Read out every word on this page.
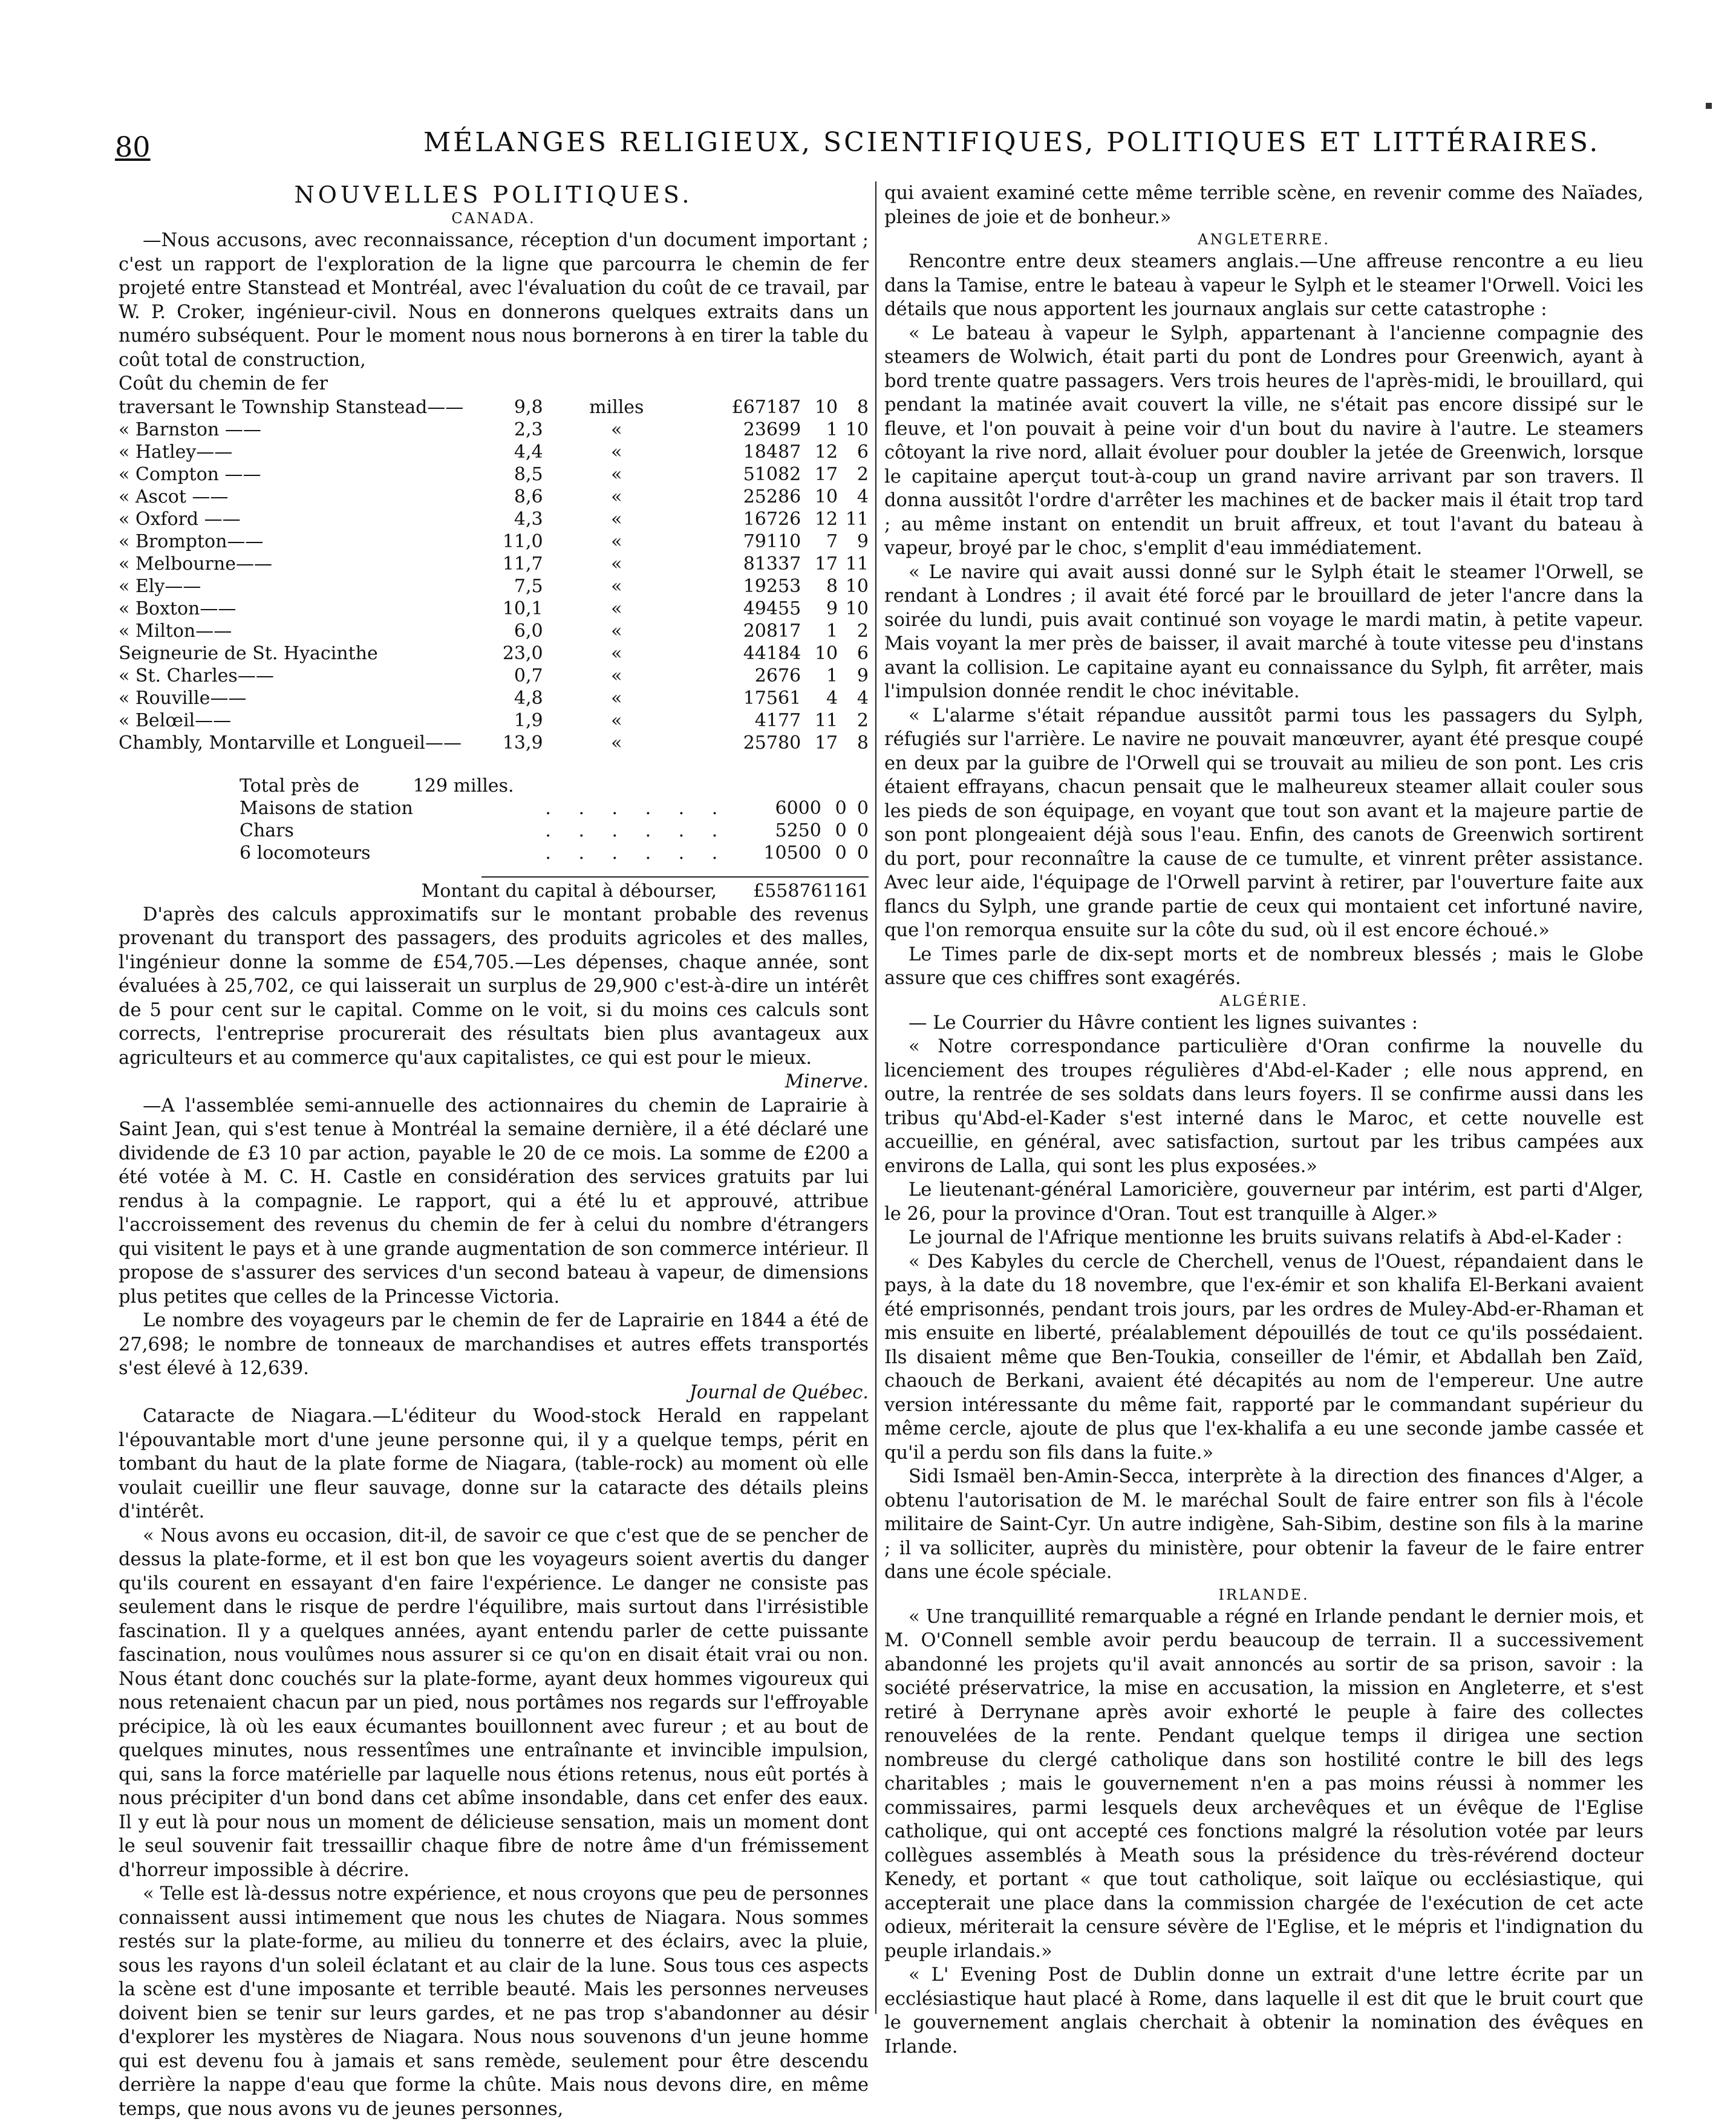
80	MÉLANGES RELIGIEUX, SCIENTIFIQUES, POLITIQUES ET LITTÉRAIRES.

NOUVELLES POLITIQUES.

CANADA.

—Nous accusons, avec reconnaissance, réception d'un document important ; c'est un rapport de l'exploration de la ligne que parcourra le chemin de fer projeté entre Stanstead et Montréal, avec l'évaluation du coût de ce travail, par W. P. Croker, ingénieur-civil. Nous en donnerons quelques extraits dans un numéro subséquent. Pour le moment nous nous bornerons à en tirer la table du coût total de construction,

Coût du chemin de fer

traversant le Township Stanstead——	9,8	milles	£67187	10	8
« Barnston ——	2,3	«	23699	1	10
« Hatley——	4,4	«	18487	12	6
« Compton ——	8,5	«	51082	17	2
« Ascot ——	8,6	«	25286	10	4
« Oxford ——	4,3	«	16726	12	11
« Brompton——	11,0	«	79110	7	9
« Melbourne——	11,7	«	81337	17	11
« Ely——	7,5	«	19253	8	10
« Boxton——	10,1	«	49455	9	10
« Milton——	6,0	«	20817	1	2
Seigneurie de St. Hyacinthe	23,0	«	44184	10	6
« St. Charles——	0,7	«	2676	1	9
« Rouville——	4,8	«	17561	4	4
« Belœil——	1,9	«	4177	11	2
Chambly, Montarville et Longueil——	13,9	«	25780	17	8
Total près de	129 milles.				
Maisons de station		. . . . . .	6000	0	0
Chars		. . . . . .	5250	0	0
6 locomoteurs		. . . . . .	10500	0	0
Montant du capital à débourser, £558761 16 1

D'après des calculs approximatifs sur le montant probable des revenus provenant du transport des passagers, des produits agricoles et des malles, l'ingénieur donne la somme de £54,705.—Les dépenses, chaque année, sont évaluées à 25,702, ce qui laisserait un surplus de 29,900 c'est-à-dire un intérêt de 5 pour cent sur le capital. Comme on le voit, si du moins ces calculs sont corrects, l'entreprise procurerait des résultats bien plus avantageux aux agriculteurs et au commerce qu'aux capitalistes, ce qui est pour le mieux.

Minerve.

—A l'assemblée semi-annuelle des actionnaires du chemin de Laprairie à Saint Jean, qui s'est tenue à Montréal la semaine dernière, il a été déclaré une dividende de £3 10 par action, payable le 20 de ce mois. La somme de £200 a été votée à M. C. H. Castle en considération des services gratuits par lui rendus à la compagnie. Le rapport, qui a été lu et approuvé, attribue l'accroissement des revenus du chemin de fer à celui du nombre d'étrangers qui visitent le pays et à une grande augmentation de son commerce intérieur. Il propose de s'assurer des services d'un second bateau à vapeur, de dimensions plus petites que celles de la Princesse Victoria.

Le nombre des voyageurs par le chemin de fer de Laprairie en 1844 a été de 27,698; le nombre de tonneaux de marchandises et autres effets transportés s'est élevé à 12,639.

Journal de Québec.

Cataracte de Niagara.—L'éditeur du Wood-stock Herald en rappelant l'épouvantable mort d'une jeune personne qui, il y a quelque temps, périt en tombant du haut de la plate forme de Niagara, (table-rock) au moment où elle voulait cueillir une fleur sauvage, donne sur la cataracte des détails pleins d'intérêt.

« Nous avons eu occasion, dit-il, de savoir ce que c'est que de se pencher de dessus la plate-forme, et il est bon que les voyageurs soient avertis du danger qu'ils courent en essayant d'en faire l'expérience. Le danger ne consiste pas seulement dans le risque de perdre l'équilibre, mais surtout dans l'irrésistible fascination. Il y a quelques années, ayant entendu parler de cette puissante fascination, nous voulûmes nous assurer si ce qu'on en disait était vrai ou non. Nous étant donc couchés sur la plate-forme, ayant deux hommes vigoureux qui nous retenaient chacun par un pied, nous portâmes nos regards sur l'effroyable précipice, là où les eaux écumantes bouillonnent avec fureur ; et au bout de quelques minutes, nous ressentîmes une entraînante et invincible impulsion, qui, sans la force matérielle par laquelle nous étions retenus, nous eût portés à nous précipiter d'un bond dans cet abîme insondable, dans cet enfer des eaux. Il y eut là pour nous un moment de délicieuse sensation, mais un moment dont le seul souvenir fait tressaillir chaque fibre de notre âme d'un frémissement d'horreur impossible à décrire.

« Telle est là-dessus notre expérience, et nous croyons que peu de personnes connaissent aussi intimement que nous les chutes de Niagara. Nous sommes restés sur la plate-forme, au milieu du tonnerre et des éclairs, avec la pluie, sous les rayons d'un soleil éclatant et au clair de la lune. Sous tous ces aspects la scène est d'une imposante et terrible beauté. Mais les personnes nerveuses doivent bien se tenir sur leurs gardes, et ne pas trop s'abandonner au désir d'explorer les mystères de Niagara. Nous nous souvenons d'un jeune homme qui est devenu fou à jamais et sans remède, seulement pour être descendu derrière la nappe d'eau que forme la chûte. Mais nous devons dire, en même temps, que nous avons vu de jeunes personnes,

qui avaient examiné cette même terrible scène, en revenir comme des Naïades, pleines de joie et de bonheur.»

ANGLETERRE.

Rencontre entre deux steamers anglais.—Une affreuse rencontre a eu lieu dans la Tamise, entre le bateau à vapeur le Sylph et le steamer l'Orwell. Voici les détails que nous apportent les journaux anglais sur cette catastrophe :

« Le bateau à vapeur le Sylph, appartenant à l'ancienne compagnie des steamers de Wolwich, était parti du pont de Londres pour Greenwich, ayant à bord trente quatre passagers. Vers trois heures de l'après-midi, le brouillard, qui pendant la matinée avait couvert la ville, ne s'était pas encore dissipé sur le fleuve, et l'on pouvait à peine voir d'un bout du navire à l'autre. Le steamers côtoyant la rive nord, allait évoluer pour doubler la jetée de Greenwich, lorsque le capitaine aperçut tout-à-coup un grand navire arrivant par son travers. Il donna aussitôt l'ordre d'arrêter les machines et de backer mais il était trop tard ; au même instant on entendit un bruit affreux, et tout l'avant du bateau à vapeur, broyé par le choc, s'emplit d'eau immédiatement.

« Le navire qui avait aussi donné sur le Sylph était le steamer l'Orwell, se rendant à Londres ; il avait été forcé par le brouillard de jeter l'ancre dans la soirée du lundi, puis avait continué son voyage le mardi matin, à petite vapeur. Mais voyant la mer près de baisser, il avait marché à toute vitesse peu d'instans avant la collision. Le capitaine ayant eu connaissance du Sylph, fit arrêter, mais l'impulsion donnée rendit le choc inévitable.

« L'alarme s'était répandue aussitôt parmi tous les passagers du Sylph, réfugiés sur l'arrière. Le navire ne pouvait manœuvrer, ayant été presque coupé en deux par la guibre de l'Orwell qui se trouvait au milieu de son pont. Les cris étaient effrayans, chacun pensait que le malheureux steamer allait couler sous les pieds de son équipage, en voyant que tout son avant et la majeure partie de son pont plongeaient déjà sous l'eau. Enfin, des canots de Greenwich sortirent du port, pour reconnaître la cause de ce tumulte, et vinrent prêter assistance. Avec leur aide, l'équipage de l'Orwell parvint à retirer, par l'ouverture faite aux flancs du Sylph, une grande partie de ceux qui montaient cet infortuné navire, que l'on remorqua ensuite sur la côte du sud, où il est encore échoué.»

Le Times parle de dix-sept morts et de nombreux blessés ; mais le Globe assure que ces chiffres sont exagérés.

ALGÉRIE.

— Le Courrier du Hâvre contient les lignes suivantes :

« Notre correspondance particulière d'Oran confirme la nouvelle du licenciement des troupes régulières d'Abd-el-Kader ; elle nous apprend, en outre, la rentrée de ses soldats dans leurs foyers. Il se confirme aussi dans les tribus qu'Abd-el-Kader s'est interné dans le Maroc, et cette nouvelle est accueillie, en général, avec satisfaction, surtout par les tribus campées aux environs de Lalla, qui sont les plus exposées.»

Le lieutenant-général Lamoricière, gouverneur par intérim, est parti d'Alger, le 26, pour la province d'Oran. Tout est tranquille à Alger.»

Le journal de l'Afrique mentionne les bruits suivans relatifs à Abd-el-Kader :

« Des Kabyles du cercle de Cherchell, venus de l'Ouest, répandaient dans le pays, à la date du 18 novembre, que l'ex-émir et son khalifa El-Berkani avaient été emprisonnés, pendant trois jours, par les ordres de Muley-Abd-er-Rhaman et mis ensuite en liberté, préalablement dépouillés de tout ce qu'ils possédaient. Ils disaient même que Ben-Toukia, conseiller de l'émir, et Abdallah ben Zaïd, chaouch de Berkani, avaient été décapités au nom de l'empereur. Une autre version intéressante du même fait, rapporté par le commandant supérieur du même cercle, ajoute de plus que l'ex-khalifa a eu une seconde jambe cassée et qu'il a perdu son fils dans la fuite.»

Sidi Ismaël ben-Amin-Secca, interprète à la direction des finances d'Alger, a obtenu l'autorisation de M. le maréchal Soult de faire entrer son fils à l'école militaire de Saint-Cyr. Un autre indigène, Sah-Sibim, destine son fils à la marine ; il va solliciter, auprès du ministère, pour obtenir la faveur de le faire entrer dans une école spéciale.

IRLANDE.

« Une tranquillité remarquable a régné en Irlande pendant le dernier mois, et M. O'Connell semble avoir perdu beaucoup de terrain. Il a successivement abandonné les projets qu'il avait annoncés au sortir de sa prison, savoir : la société préservatrice, la mise en accusation, la mission en Angleterre, et s'est retiré à Derrynane après avoir exhorté le peuple à faire des collectes renouvelées de la rente. Pendant quelque temps il dirigea une section nombreuse du clergé catholique dans son hostilité contre le bill des legs charitables ; mais le gouvernement n'en a pas moins réussi à nommer les commissaires, parmi lesquels deux archevêques et un évêque de l'Eglise catholique, qui ont accepté ces fonctions malgré la résolution votée par leurs collègues assemblés à Meath sous la présidence du très-révérend docteur Kenedy, et portant « que tout catholique, soit laïque ou ecclésiastique, qui accepterait une place dans la commission chargée de l'exécution de cet acte odieux, mériterait la censure sévère de l'Eglise, et le mépris et l'indignation du peuple irlandais.»

« L' Evening Post de Dublin donne un extrait d'une lettre écrite par un ecclésiastique haut placé à Rome, dans laquelle il est dit que le bruit court que le gouvernement anglais cherchait à obtenir la nomination des évêques en Irlande.
